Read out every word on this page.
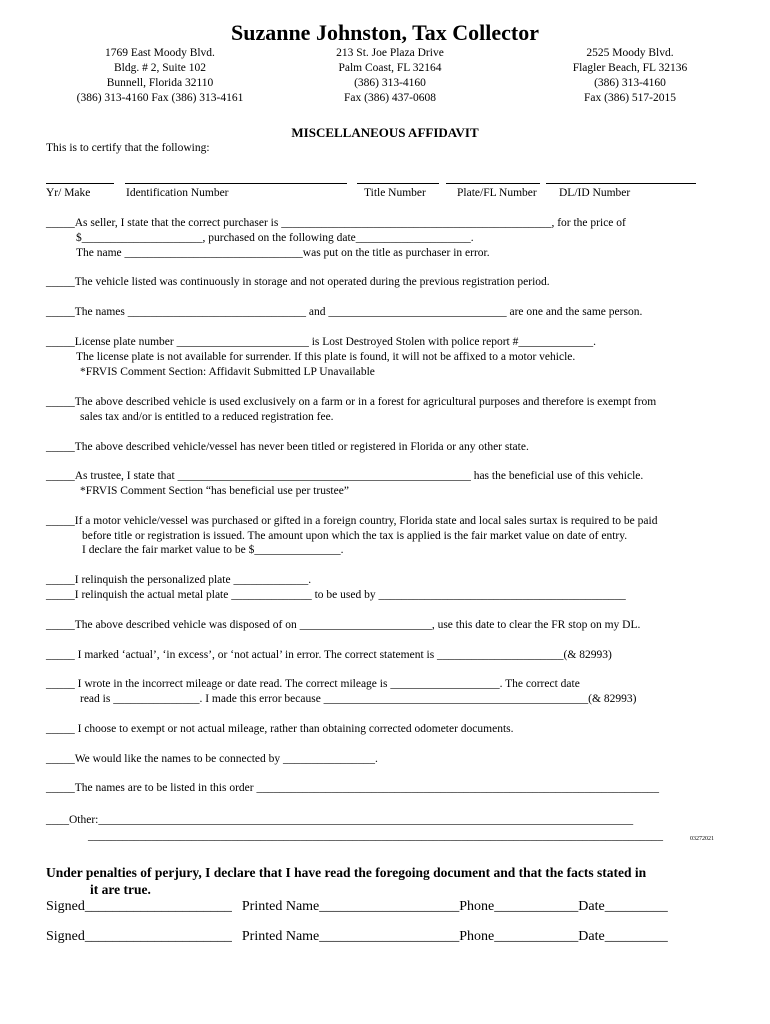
Suzanne Johnston, Tax Collector
1769 East Moody Blvd.
Bldg. # 2, Suite 102
Bunnell, Florida 32110
(386) 313-4160 Fax (386) 313-4161
213 St. Joe Plaza Drive
Palm Coast, FL 32164
(386) 313-4160
Fax (386) 437-0608
2525 Moody Blvd.
Flagler Beach, FL 32136
(386) 313-4160
Fax (386) 517-2015
MISCELLANEOUS AFFIDAVIT
This is to certify that the following:
Yr/ Make	Identification Number	Title Number	Plate/FL Number DL/ID Number
_____As seller, I state that the correct purchaser is _______________________________________________, for the price of
$_____________________, purchased on the following date____________________.
The name _______________________________was put on the title as purchaser in error.
_____The vehicle listed was continuously in storage and not operated during the previous registration period.
_____The names _______________________________ and _______________________________ are one and the same person.
_____License plate number _______________________ is Lost Destroyed Stolen with police report #_____________.
The license plate is not available for surrender. If this plate is found, it will not be affixed to a motor vehicle.
*FRVIS Comment Section: Affidavit Submitted LP Unavailable
_____The above described vehicle is used exclusively on a farm or in a forest for agricultural purposes and therefore is exempt from
sales tax and/or is entitled to a reduced registration fee.
_____The above described vehicle/vessel has never been titled or registered in Florida or any other state.
_____As trustee, I state that ___________________________________________________ has the beneficial use of this vehicle.
*FRVIS Comment Section “has beneficial use per trustee”
_____If a motor vehicle/vessel was purchased or gifted in a foreign country, Florida state and local sales surtax is required to be paid
before title or registration is issued. The amount upon which the tax is applied is the fair market value on date of entry.
I declare the fair market value to be $_______________.
_____I relinquish the personalized plate _____________.
_____I relinquish the actual metal plate ______________ to be used by ___________________________________________
_____The above described vehicle was disposed of on _______________________, use this date to clear the FR stop on my DL.
_____ I marked ‘actual’, ‘in excess’, or ‘not actual’ in error. The correct statement is ______________________(& 82993)
_____ I wrote in the incorrect mileage or date read. The correct mileage is ___________________. The correct date
read is _______________. I made this error because ______________________________________________(& 82993)
_____ I choose to exempt or not actual mileage, rather than obtaining corrected odometer documents.
_____We would like the names to be connected by ________________.
_____The names are to be listed in this order ______________________________________________________________________
____Other:_____________________________________________________________________________________________
____________________________________________________________________________________________________	03272021
Under penalties of perjury, I declare that I have read the foregoing document and that the facts stated in
it are true.
Signed_____________________ Printed Name____________________Phone____________Date_________
Signed_____________________ Printed Name____________________Phone____________Date_________
